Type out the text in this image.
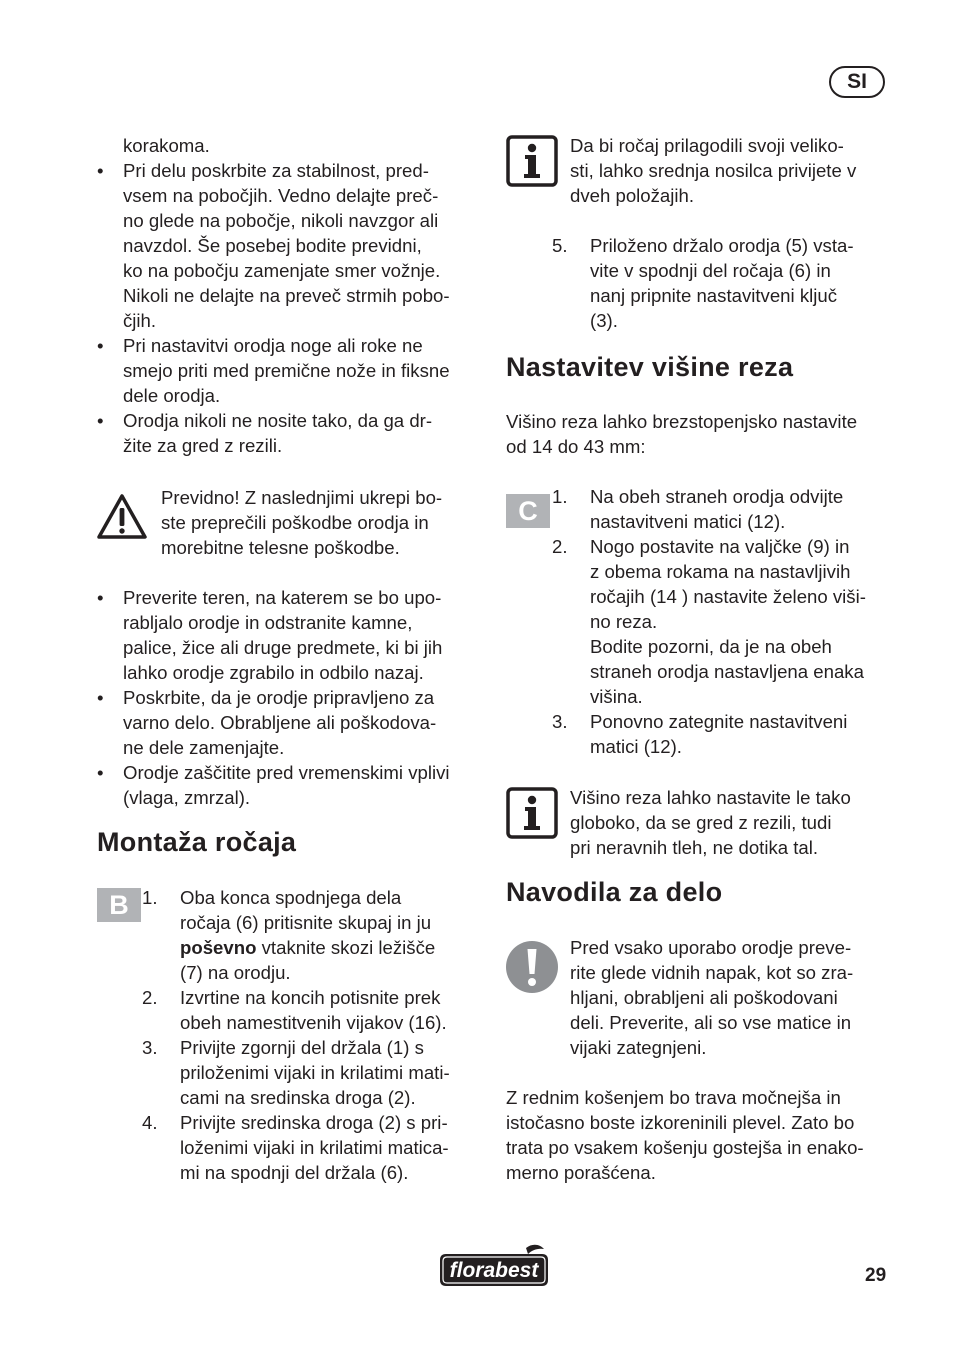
SI
korakoma.
• Pri delu poskrbite za stabilnost, pred-
vsem na pobočjih. Vedno delajte preč-
no glede na pobočje, nikoli navzgor ali
navzdol. Še posebej bodite previdni,
ko na pobočju zamenjate smer vožnje.
Nikoli ne delajte na preveč strmih pobo-
čjih.
• Pri nastavitvi orodja noge ali roke ne
smejo priti med premične nože in fiksne
dele orodja.
• Orodja nikoli ne nosite tako, da ga dr-
žite za gred z rezili.
Previdno! Z naslednjimi ukrepi bo-
ste preprečili poškodbe orodja in
morebitne telesne poškodbe.
• Preverite teren, na katerem se bo upo-
rabljalo orodje in odstranite kamne,
palice, žice ali druge predmete, ki bi jih
lahko orodje zgrabilo in odbilo nazaj.
• Poskrbite, da je orodje pripravljeno za
varno delo. Obrabljene ali poškodova-
ne dele zamenjajte.
• Orodje zaščitite pred vremenskimi vplivi
(vlaga, zmrzal).
Montaža ročaja
B 1. Oba konca spodnjega dela
ročaja (6) pritisnite skupaj in ju
poševno vtaknite skozi ležišče
(7) na orodju.
2. Izvrtine na koncih potisnite prek
obeh namestitvenih vijakov (16).
3. Privijte zgornji del držala (1) s
priloženimi vijaki in krilatimi mati-
cami na sredinska droga (2).
4. Privijte sredinska droga (2) s pri-
loženimi vijaki in krilatimi matica-
mi na spodnji del držala (6).
Da bi ročaj prilagodili svoji veliko-
sti, lahko srednja nosilca privijete v
dveh položajih.
5. Priloženo držalo orodja (5) vsta-
vite v spodnji del ročaja (6) in
nanj pripnite nastavitveni ključ
(3).
Nastavitev višine reza
Višino reza lahko brezstopenjsko nastavite
od 14 do 43 mm:
C 1. Na obeh straneh orodja odvijte
nastavitveni matici (12).
2. Nogo postavite na valjčke (9) in
z obema rokama na nastavljivih
ročajih (14 ) nastavite želeno viši-
no reza.
Bodite pozorni, da je na obeh
straneh orodja nastavljena enaka
višina.
3. Ponovno zategnite nastavitveni
matici (12).
Višino reza lahko nastavite le tako
globoko, da se gred z rezili, tudi
pri neravnih tleh, ne dotika tal.
Navodila za delo
Pred vsako uporabo orodje preve-
rite glede vidnih napak, kot so zra-
hljani, obrabljeni ali poškodovani
deli. Preverite, ali so vse matice in
vijaki zategnjeni.
Z rednim košenjem bo trava močnejša in
istočasno boste izkoreninili plevel. Zato bo
trata po vsakem košenju gostejša in enako-
merno porašćena.
florabest	29
